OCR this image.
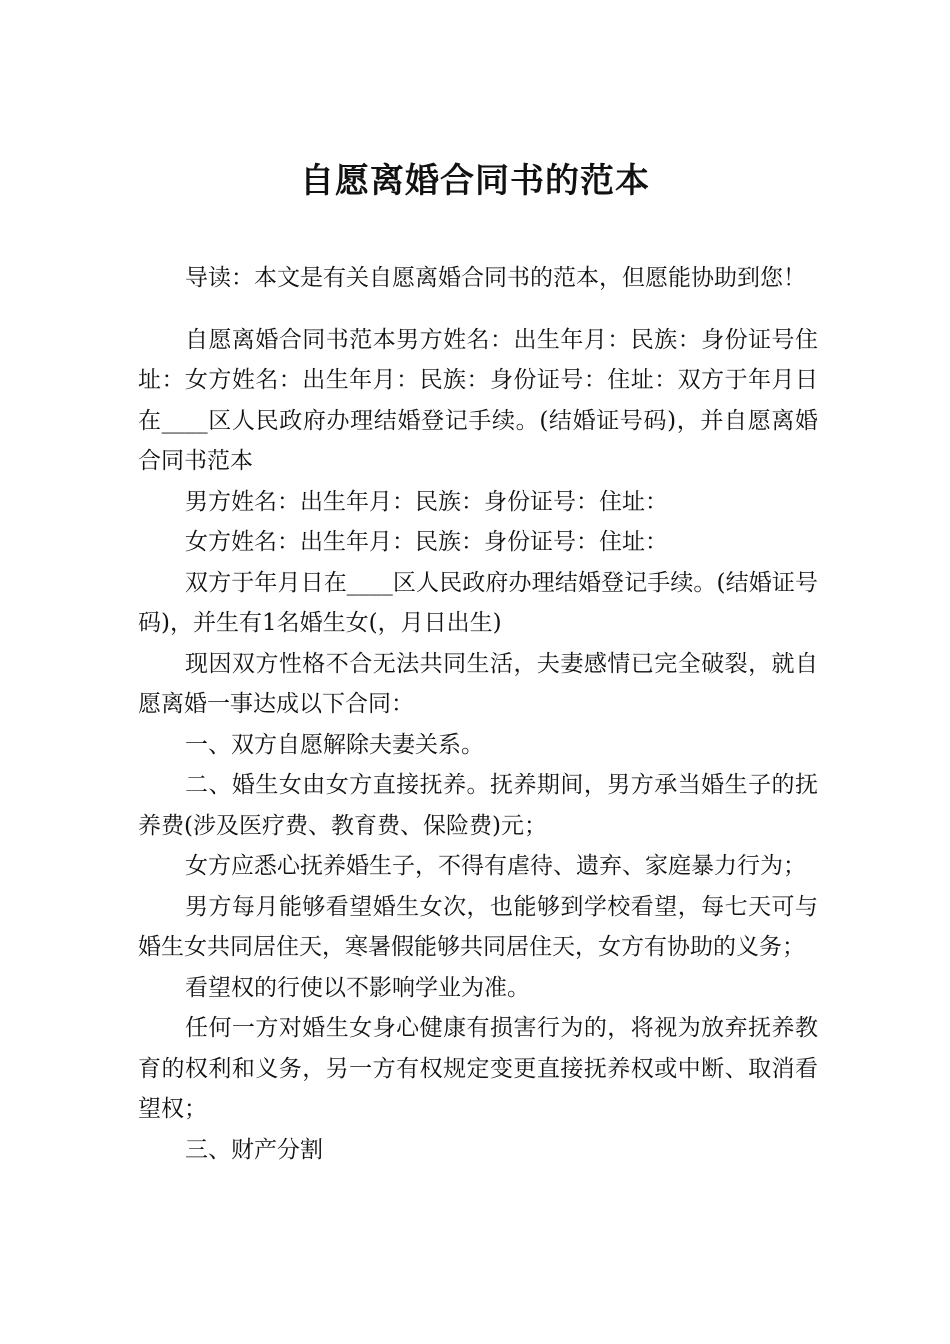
自愿离婚合同书的范本

导读：本文是有关自愿离婚合同书的范本，但愿能协助到您！

自愿离婚合同书范本男方姓名：出生年月：民族：身份证号住址：女方姓名：出生年月：民族：身份证号：住址：双方于年月日在____区人民政府办理结婚登记手续。(结婚证号码)，并自愿离婚合同书范本

男方姓名：出生年月：民族：身份证号：住址：

女方姓名：出生年月：民族：身份证号：住址：

双方于年月日在____区人民政府办理结婚登记手续。(结婚证号码)，并生有1名婚生女(，月日出生)

现因双方性格不合无法共同生活，夫妻感情已完全破裂，就自愿离婚一事达成以下合同：

一、双方自愿解除夫妻关系。

二、婚生女由女方直接抚养。抚养期间，男方承当婚生子的抚养费(涉及医疗费、教育费、保险费)元；

女方应悉心抚养婚生子，不得有虐待、遗弃、家庭暴力行为；

男方每月能够看望婚生女次，也能够到学校看望，每七天可与婚生女共同居住天，寒暑假能够共同居住天，女方有协助的义务；

看望权的行使以不影响学业为准。

任何一方对婚生女身心健康有损害行为的，将视为放弃抚养教育的权利和义务，另一方有权规定变更直接抚养权或中断、取消看望权；

三、财产分割
